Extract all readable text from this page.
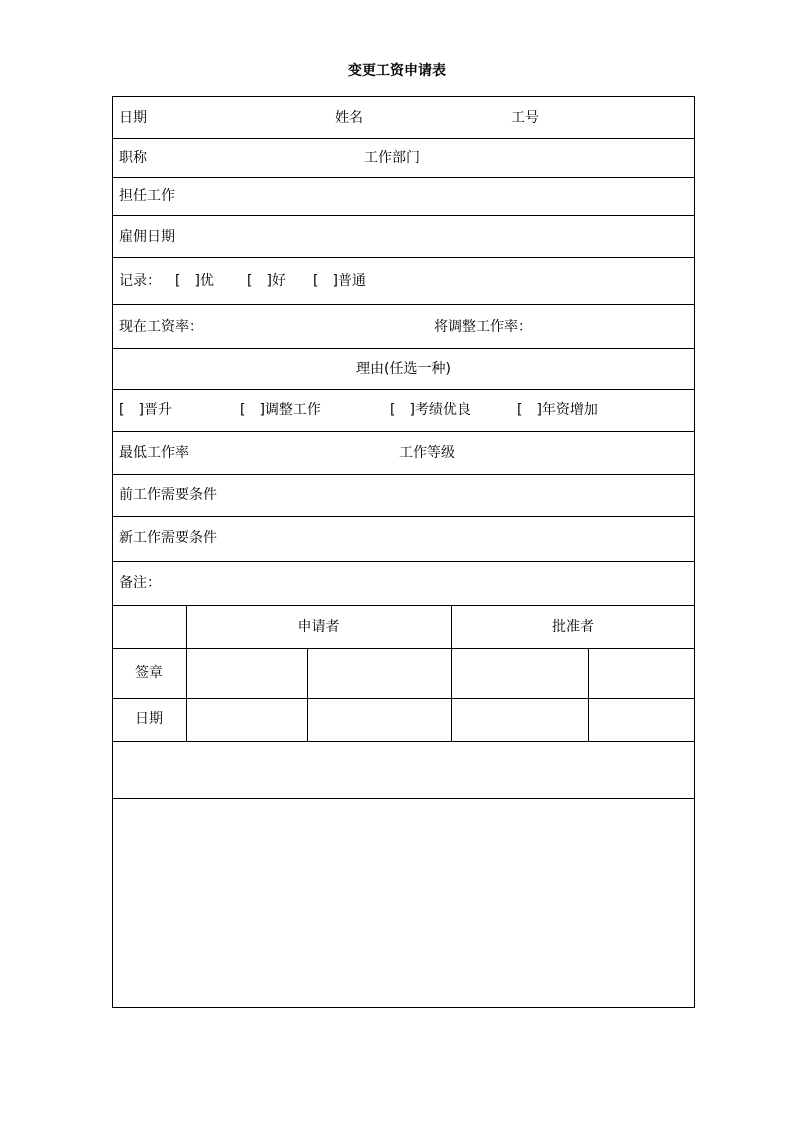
变更工资申请表
日期	姓名	工号
职称	工作部门
担任工作
雇佣日期
记录： [　]优 [　]好 [　]普通
现在工资率：	将调整工作率：
理由(任选一种)
[　]晋升	[　]调整工作	[　]考绩优良	[　]年资增加
最低工作率	工作等级
前工作需要条件
新工作需要条件
备注：
申请者	批准者
签章
日期
